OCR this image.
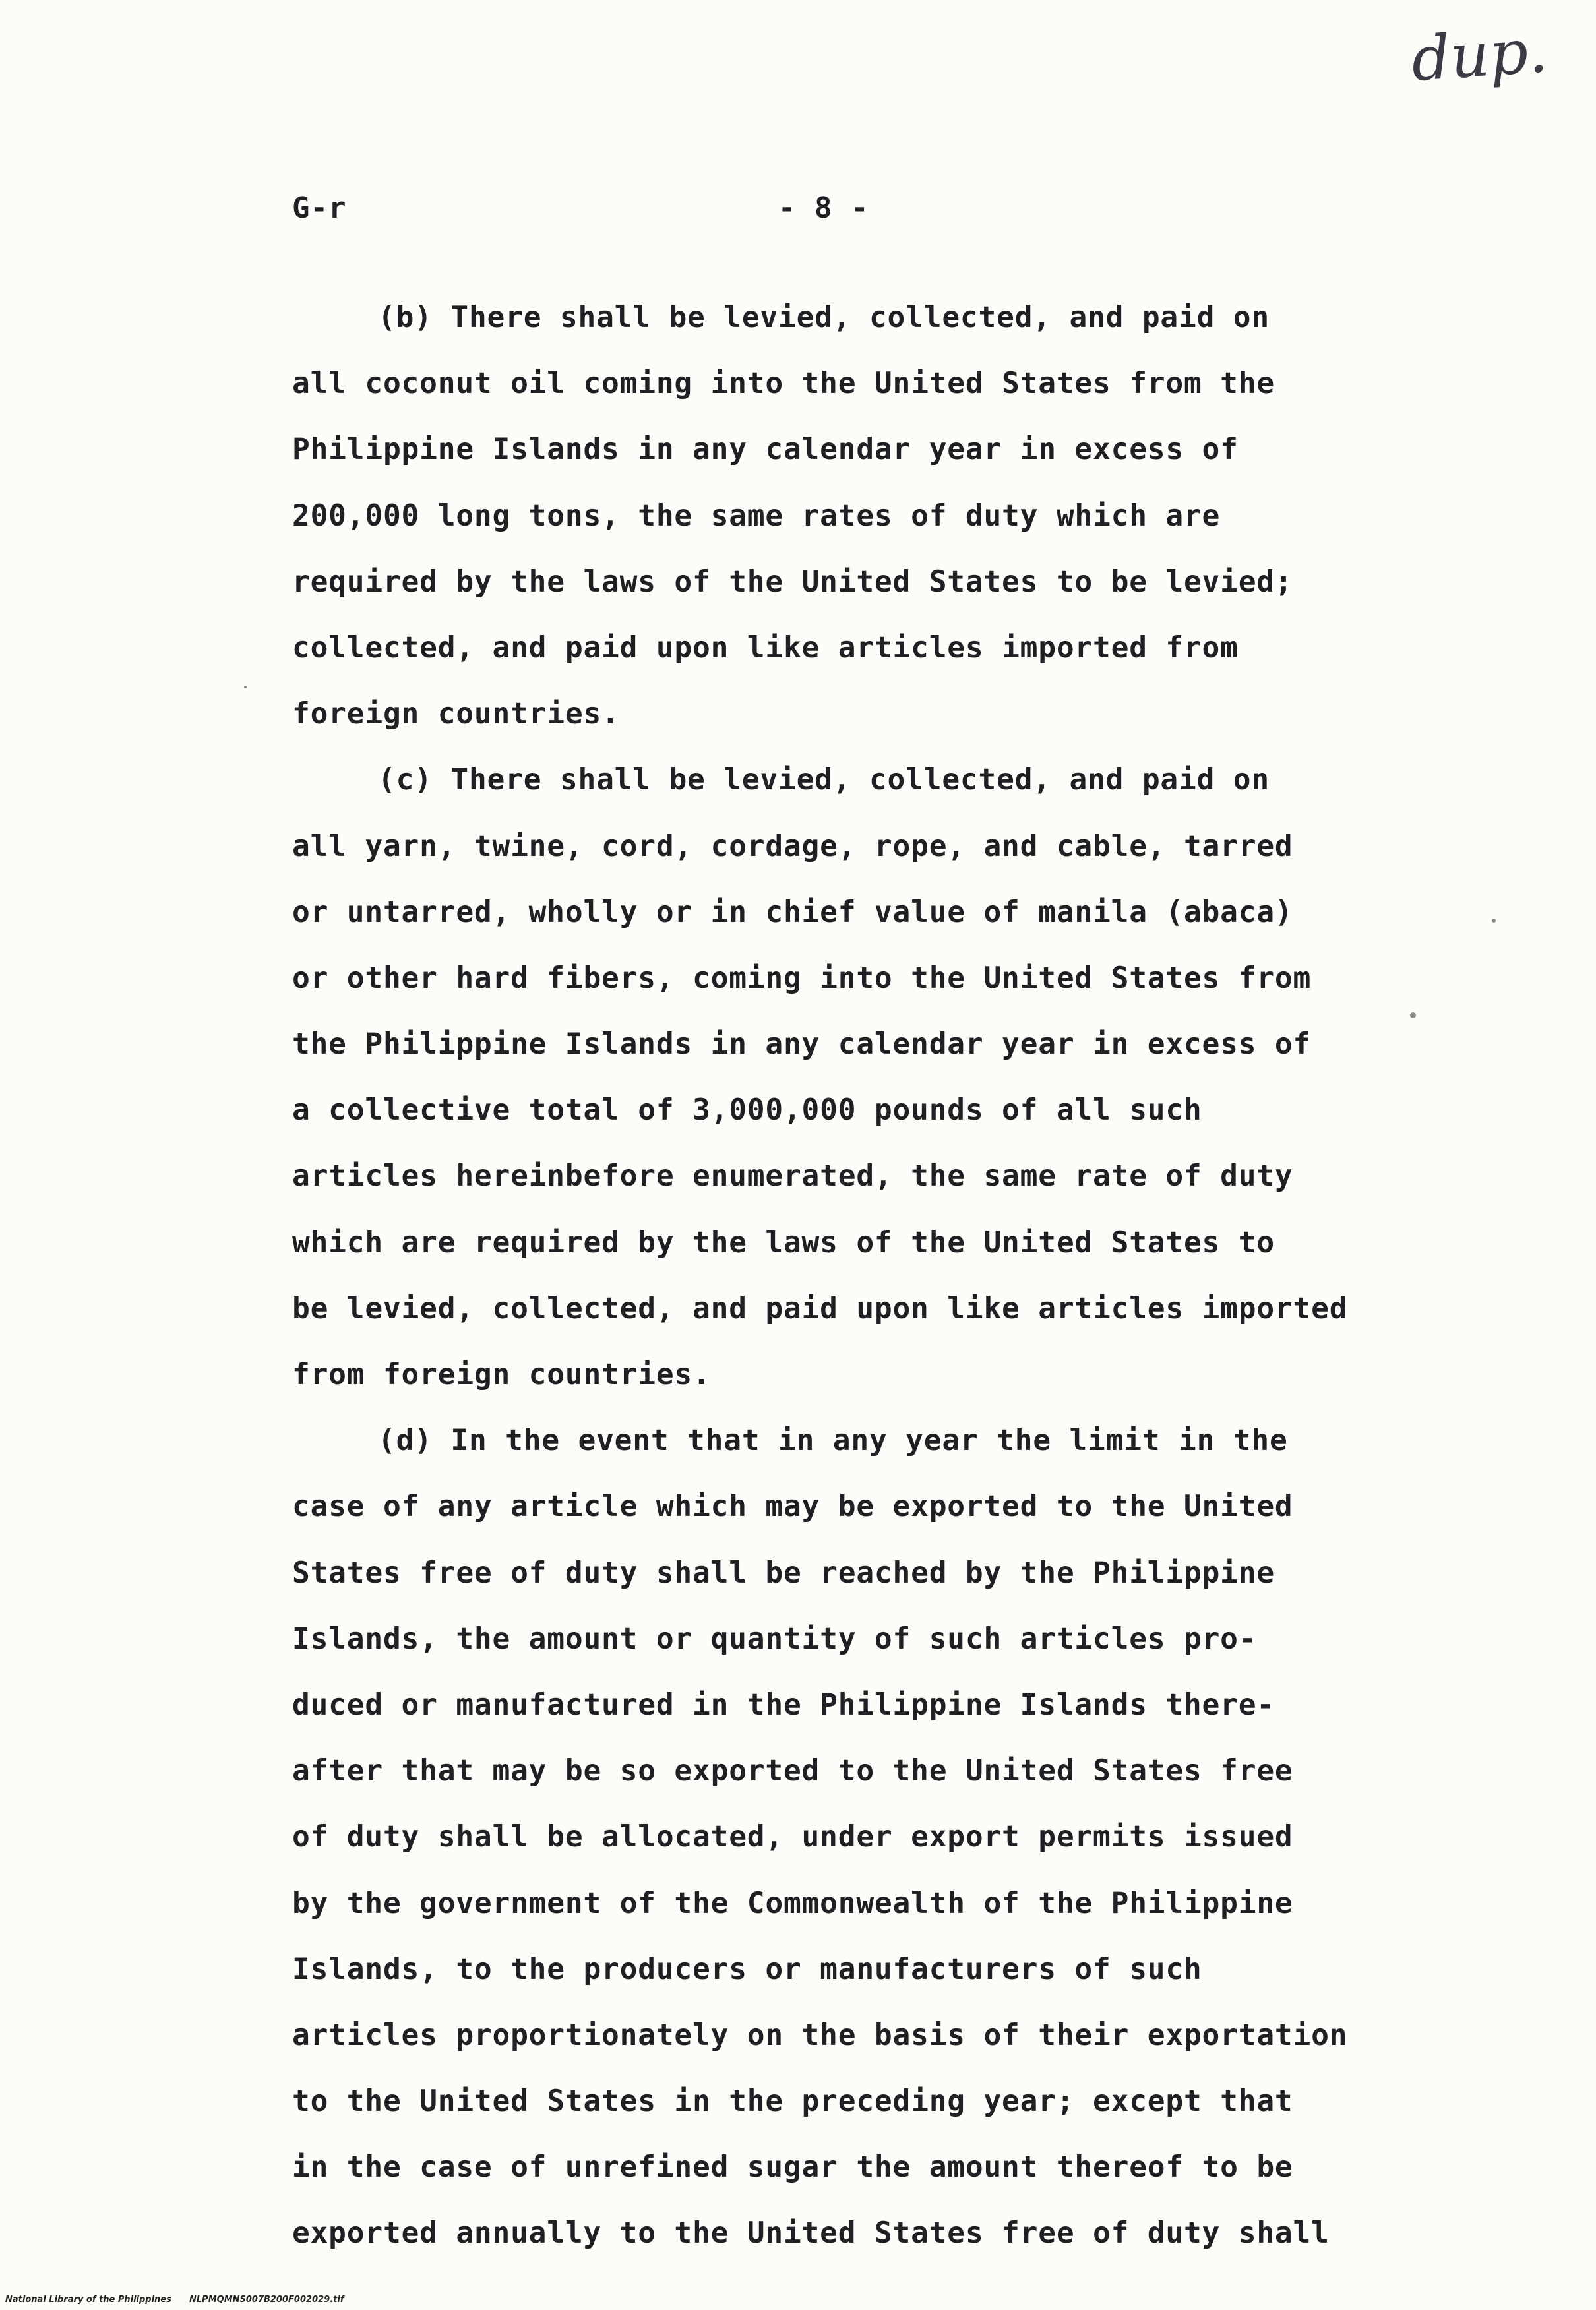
dup.
G-r	- 8 -
(b) There shall be levied, collected, and paid on
all coconut oil coming into the United States from the
Philippine Islands in any calendar year in excess of
200,000 long tons, the same rates of duty which are
required by the laws of the United States to be levied;
collected, and paid upon like articles imported from
foreign countries.
(c) There shall be levied, collected, and paid on
all yarn, twine, cord, cordage, rope, and cable, tarred
or untarred, wholly or in chief value of manila (abaca)
or other hard fibers, coming into the United States from
the Philippine Islands in any calendar year in excess of
a collective total of 3,000,000 pounds of all such
articles hereinbefore enumerated, the same rate of duty
which are required by the laws of the United States to
be levied, collected, and paid upon like articles imported
from foreign countries.
(d) In the event that in any year the limit in the
case of any article which may be exported to the United
States free of duty shall be reached by the Philippine
Islands, the amount or quantity of such articles pro-
duced or manufactured in the Philippine Islands there-
after that may be so exported to the United States free
of duty shall be allocated, under export permits issued
by the government of the Commonwealth of the Philippine
Islands, to the producers or manufacturers of such
articles proportionately on the basis of their exportation
to the United States in the preceding year; except that
in the case of unrefined sugar the amount thereof to be
exported annually to the United States free of duty shall
National Library of the Philippines NLPMQMNS007B200F002029.tif
